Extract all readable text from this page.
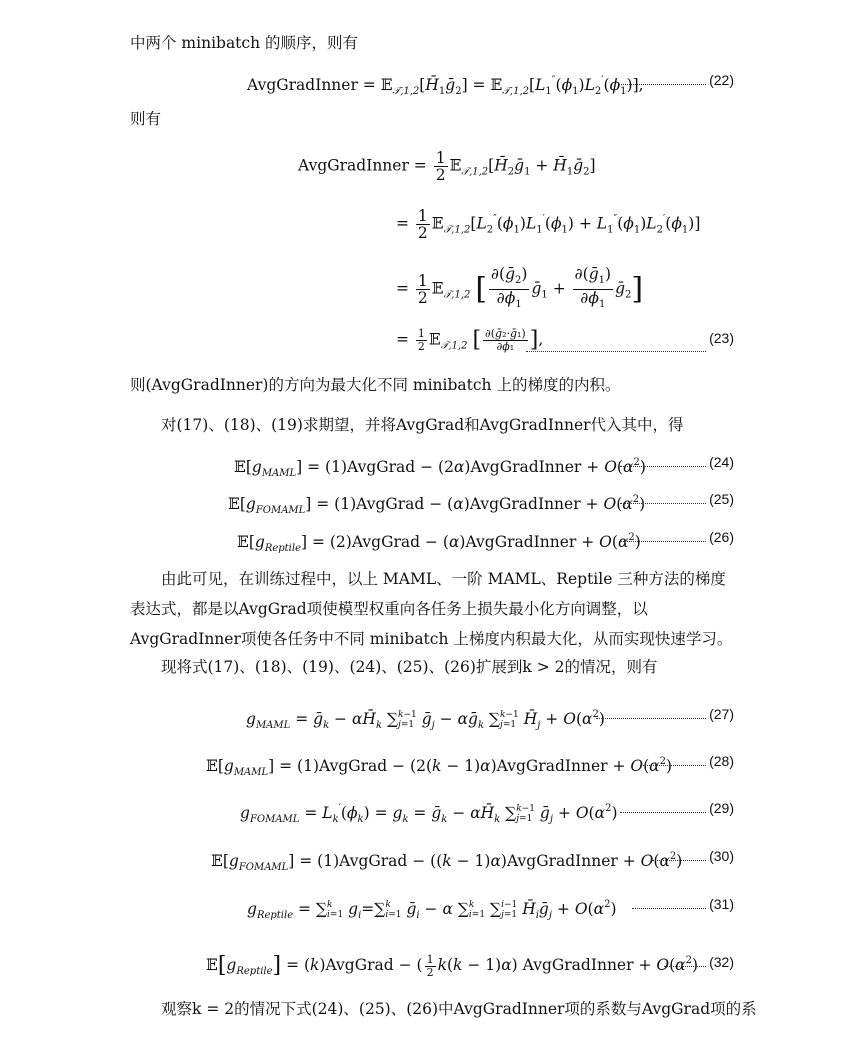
中两个 minibatch 的顺序，则有
AvgGradInner = $𝔼_{𝒯,1,2}[H̄_1ḡ_2]$ = $𝔼_{𝒯,1,2}[L_1''(\phi_1)L_2'(\phi_1)]$,	(22)
则有
AvgGradInner = $\frac{1}{2}$ $𝔼_{𝒯,1,2}[H̄_2ḡ_1$ + $H̄_1ḡ_2$]
= $\frac{1}{2}$ $𝔼_{𝒯,1,2}[L_2''(\phi_1)L_1'(\phi_1) + L_1''(\phi_1)L_2'(\phi_1)]$
= $\frac{1}{2}$ 𝔼$_{𝒯,1,2}$ [ $\frac{\partial(ḡ_2)}{\partial\phi_1}$ ḡ$_1$ + $\frac{\partial(ḡ_1)}{\partial\phi_1}$ ḡ$_2$]
= $\frac{1}{2}$ 𝔼$_{𝒯,1,2}$ [ $\frac{\text{∂(ḡ₂·ḡ₁)}}{\text{∂ϕ₁}}$ ],	(23)
则(AvgGradInner)的方向为最大化不同 minibatch 上的梯度的内积。
对(17)、(18)、(19)求期望，并将AvgGrad和AvgGradInner代入其中，得
$𝔼[g_{MAML}]$ = (1)AvgGrad − (2α)AvgGradInner + $O(\alpha^2)$	(24)
$𝔼[g_{FOMAML}]$ = (1)AvgGrad − (α)AvgGradInner + $O(\alpha^2)$	(25)
$𝔼[g_{Reptile}]$ = (2)AvgGrad − (α)AvgGradInner + $O(\alpha^2)$	(26)
由此可见，在训练过程中，以上 MAML、一阶 MAML、Reptile 三种方法的梯度表达式，都是以AvgGrad项使模型权重向各任务上损失最小化方向调整，以AvgGradInner项使各任务中不同 minibatch 上梯度内积最大化，从而实现快速学习。
现将式(17)、(18)、(19)、(24)、(25)、(26)扩展到k > 2的情况，则有
$g_{MAML}$ = ḡ$_k$ − $\alpha H̄_k$ ∑k−1
j=1 ḡ$_j$ − αḡ$_k$ ∑k−1
j=1 $H̄_j + O(\alpha^2)$	(27)
$𝔼[g_{MAML}]$ = (1)AvgGrad − (2(k − 1)α)AvgGradInner + $O(\alpha^2)$	(28)
$g_{FOMAML} = L_k'(\phi_k) = g_k$ = ḡ$_k$ − $\alpha H̄_k$ ∑k−1
j=1 ḡ$_j$ + $O(\alpha^2)$	(29)
$𝔼[g_{FOMAML}]$ = (1)AvgGrad − ((k − 1)α)AvgGradInner + $O(\alpha^2)$ (30)
$g_{Reptile} = \sum k$
i=1 $g_i=\sum k$
i=1 ḡ$_i$ − α ∑k
i=1 ∑i−1
j=1 $H̄_iḡ_j + O(\alpha^2)$	(31)
$𝔼[g_{Reptile}]$ = (k)AvgGrad − ( $\frac{1}{2} k(k - 1)\alpha$) AvgGradInner + $O(\alpha^2)$ (32)
观察k = 2的情况下式(24)、(25)、(26)中AvgGradInner项的系数与AvgGrad项的系
